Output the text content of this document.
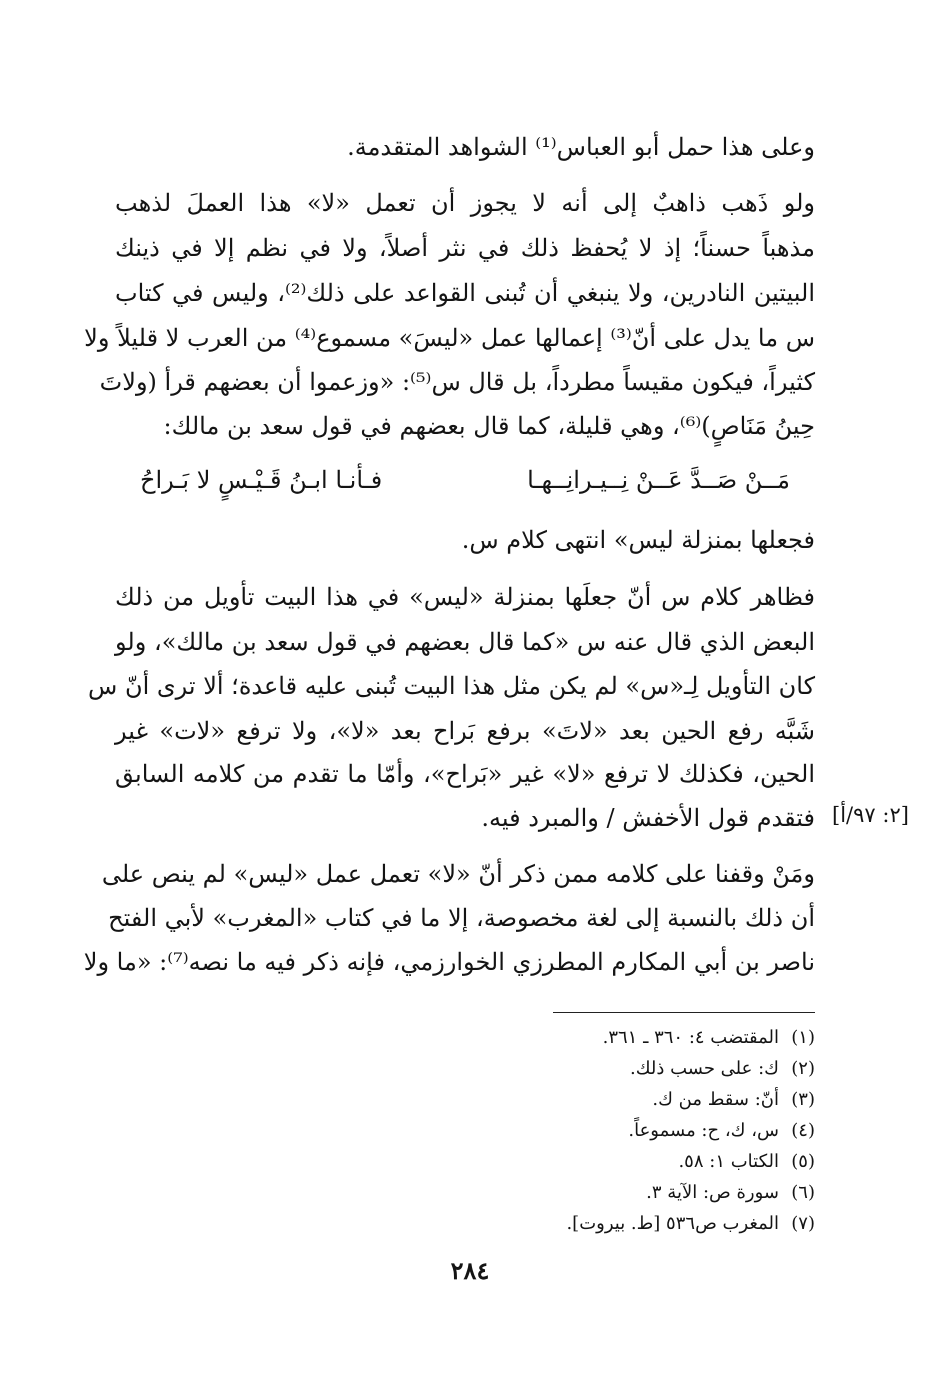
وعلى هذا حمل أبو العباس⁽¹⁾ الشواهد المتقدمة.
ولو ذَهب ذاهبٌ إلى أنه لا يجوز أن تعمل «لا» هذا العملَ لذهب
مذهباً حسناً؛ إذ لا يُحفظ ذلك في نثر أصلاً، ولا في نظم إلا في ذينك
البيتين النادرين، ولا ينبغي أن تُبنى القواعد على ذلك⁽²⁾، وليس في كتاب
س ما يدل على أنّ⁽³⁾ إعمالها عمل «ليسَ» مسموع⁽⁴⁾ من العرب لا قليلاً ولا
كثيراً، فيكون مقيساً مطرداً، بل قال س⁽⁵⁾: «وزعموا أن بعضهم قرأ (ولاتَ
حِينُ مَنَاصٍ)⁽⁶⁾، وهي قليلة، كما قال بعضهم في قول سعد بن مالك:
فجعلها بمنزلة ليس» انتهى كلام س.
فظاهر كلام س أنّ جعلَها بمنزلة «ليس» في هذا البيت تأويل من ذلك
البعض الذي قال عنه س «كما قال بعضهم في قول سعد بن مالك»، ولو
كان التأويل لِـ«س» لم يكن مثل هذا البيت تُبنى عليه قاعدة؛ ألا ترى أنّ س
شَبَّه رفع الحين بعد «لاتَ» برفع بَراح بعد «لا»، ولا ترفع «لات» غير
الحين، فكذلك لا ترفع «لا» غير «بَراح»، وأمّا ما تقدم من كلامه السابق
فتقدم قول الأخفش / والمبرد فيه.
ومَنْ وقفنا على كلامه ممن ذكر أنّ «لا» تعمل عمل «ليس» لم ينص على
أن ذلك بالنسبة إلى لغة مخصوصة، إلا ما في كتاب «المغرب» لأبي الفتح
ناصر بن أبي المكارم المطرزي الخوارزمي، فإنه ذكر فيه ما نصه⁽⁷⁾: «ما ولا
مَــنْ صَــدَّ عَــنْ نِــيـرانِــهـا
فـأنـا ابـنُ قَـيْـسٍ لا بَـراحُ
[٢: ٩٧/أ]
(١)المقتضب ٤: ٣٦٠ ـ ٣٦١.
(٢)ك: على حسب ذلك.
(٣)أنّ: سقط من ك.
(٤)س، ك، ح: مسموعاً.
(٥)الكتاب ١: ٥٨.
(٦)سورة ص: الآية ٣.
(٧)المغرب ص٥٣٦ [ط. بيروت].
٢٨٤
